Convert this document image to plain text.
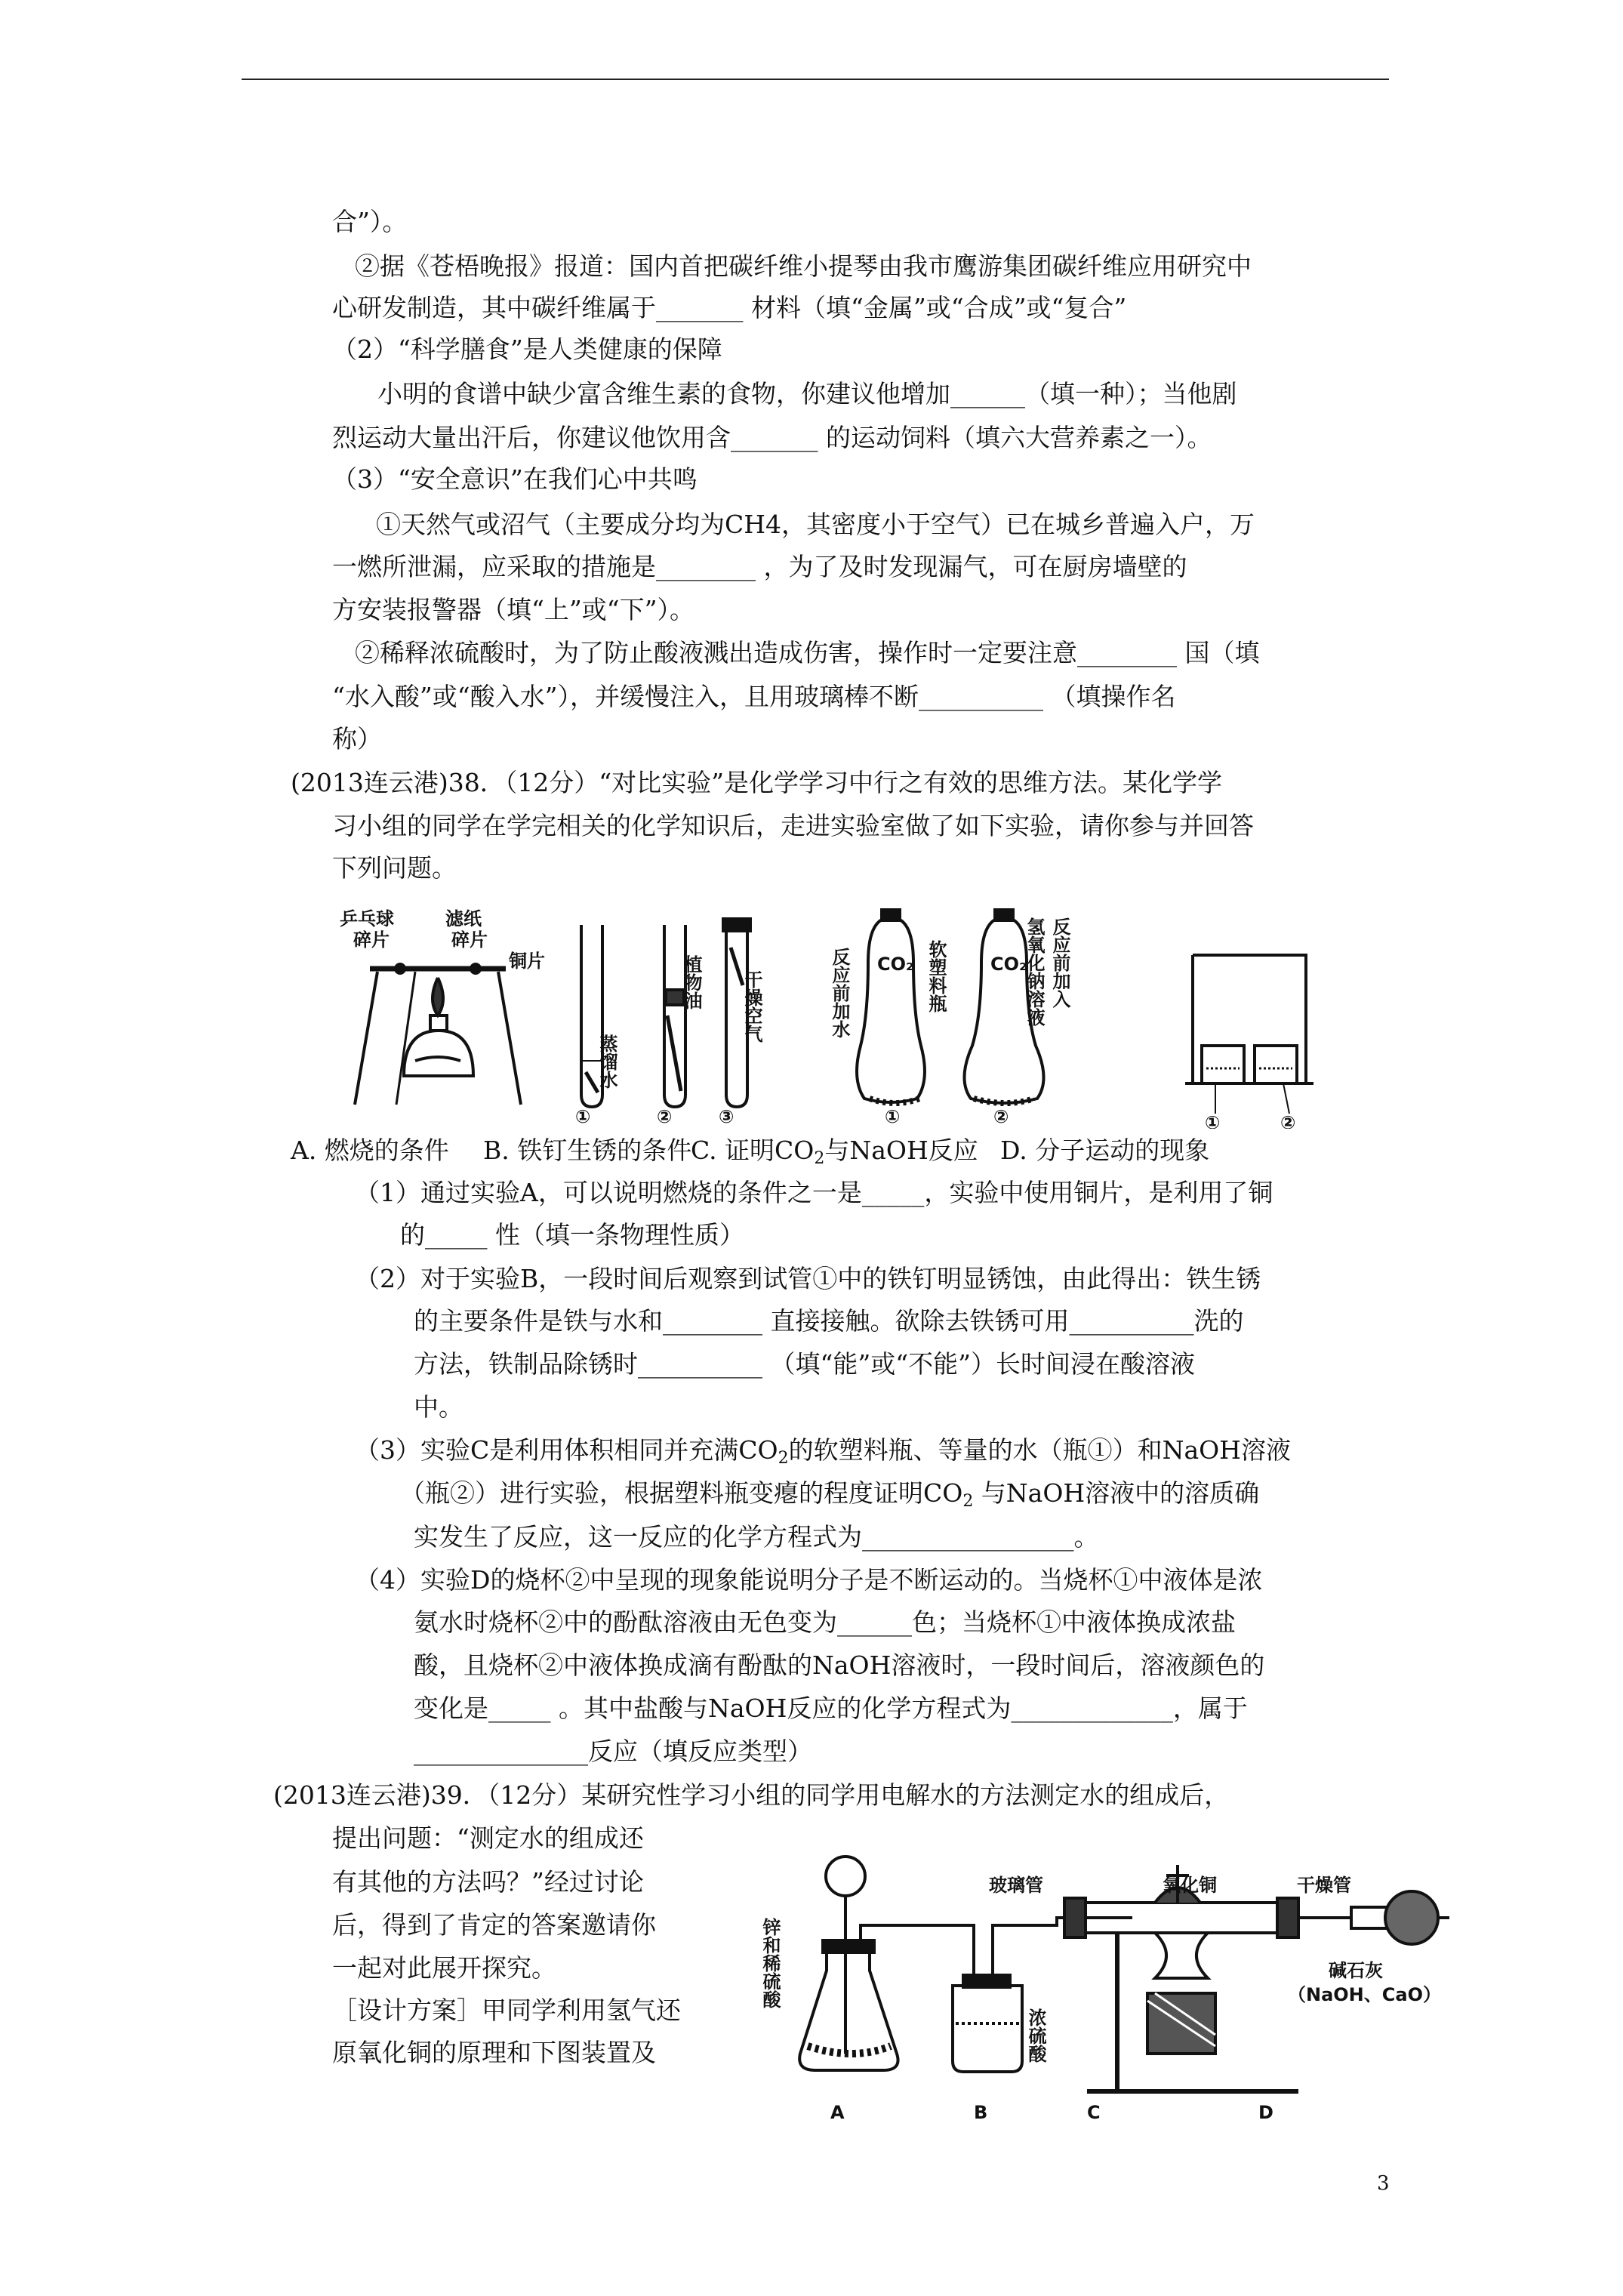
合”）。
②据《苍梧晚报》报道：国内首把碳纤维小提琴由我市鹰游集团碳纤维应用研究中
心研发制造，其中碳纤维属于_______ 材料（填“金属”或“合成”或“复合”
（2）“科学膳食”是人类健康的保障
小明的食谱中缺少富含维生素的食物，你建议他增加______（填一种）；当他剧
烈运动大量出汗后，你建议他饮用含_______ 的运动饲料（填六大营养素之一）。
（3）“安全意识”在我们心中共鸣
①天然气或沼气（主要成分均为CH4，其密度小于空气）已在城乡普遍入户，万
一燃所泄漏，应采取的措施是________ ，为了及时发现漏气，可在厨房墙壁的
方安装报警器（填“上”或“下”）。
②稀释浓硫酸时，为了防止酸液溅出造成伤害，操作时一定要注意________ 国（填
“水入酸”或“酸入水”），并缓慢注入，且用玻璃棒不断__________ （填操作名
称）
(2013连云港)38．（12分）“对比实验”是化学学习中行之有效的思维方法。某化学学
习小组的同学在学完相关的化学知识后，走进实验室做了如下实验，请你参与并回答
下列问题。
乒乓球
碎片
滤纸
碎片
铜片
蒸馏水
植物油 干燥空气
①	②	③
反应前加水	软塑料瓶	氢氧化钠溶液 反应前加入
CO₂	CO₂
①	②	①	②
A. 燃烧的条件 B. 铁钉生锈的条件
C. 证明$CO_2$与NaOH反应 D. 分子运动的现象
（1）通过实验A，可以说明燃烧的条件之一是_____，实验中使用铜片，是利用了铜
的_____ 性（填一条物理性质）
（2）对于实验B，一段时间后观察到试管①中的铁钉明显锈蚀，由此得出：铁生锈
的主要条件是铁与水和________ 直接接触。欲除去铁锈可用__________洗的
方法，铁制品除锈时__________ （填“能”或“不能”）长时间浸在酸溶液
中。
（3）实验C是利用体积相同并充满$CO_2$的软塑料瓶、等量的水（瓶①）和NaOH溶液
（瓶②）进行实验，根据塑料瓶变瘪的程度证明$CO_2$ 与NaOH溶液中的溶质确
实发生了反应，这一反应的化学方程式为_________________。
（4）实验D的烧杯②中呈现的现象能说明分子是不断运动的。当烧杯①中液体是浓
氨水时烧杯②中的酚酞溶液由无色变为______色；当烧杯①中液体换成浓盐
酸，且烧杯②中液体换成滴有酚酞的NaOH溶液时，一段时间后，溶液颜色的
变化是_____ 。其中盐酸与NaOH反应的化学方程式为_____________，属于
______________反应（填反应类型）
(2013连云港)39．（12分）某研究性学习小组的同学用电解水的方法测定水的组成后，
提出问题：“测定水的组成还
有其他的方法吗？”经过讨论
后，得到了肯定的答案邀请你
一起对此展开探究。
［设计方案］甲同学利用氢气还
原氧化铜的原理和下图装置及
锌和稀硫酸
浓硫酸
玻璃管	氧化铜	干燥管
碱石灰
（NaOH、CaO）
A	B	C	D
3
